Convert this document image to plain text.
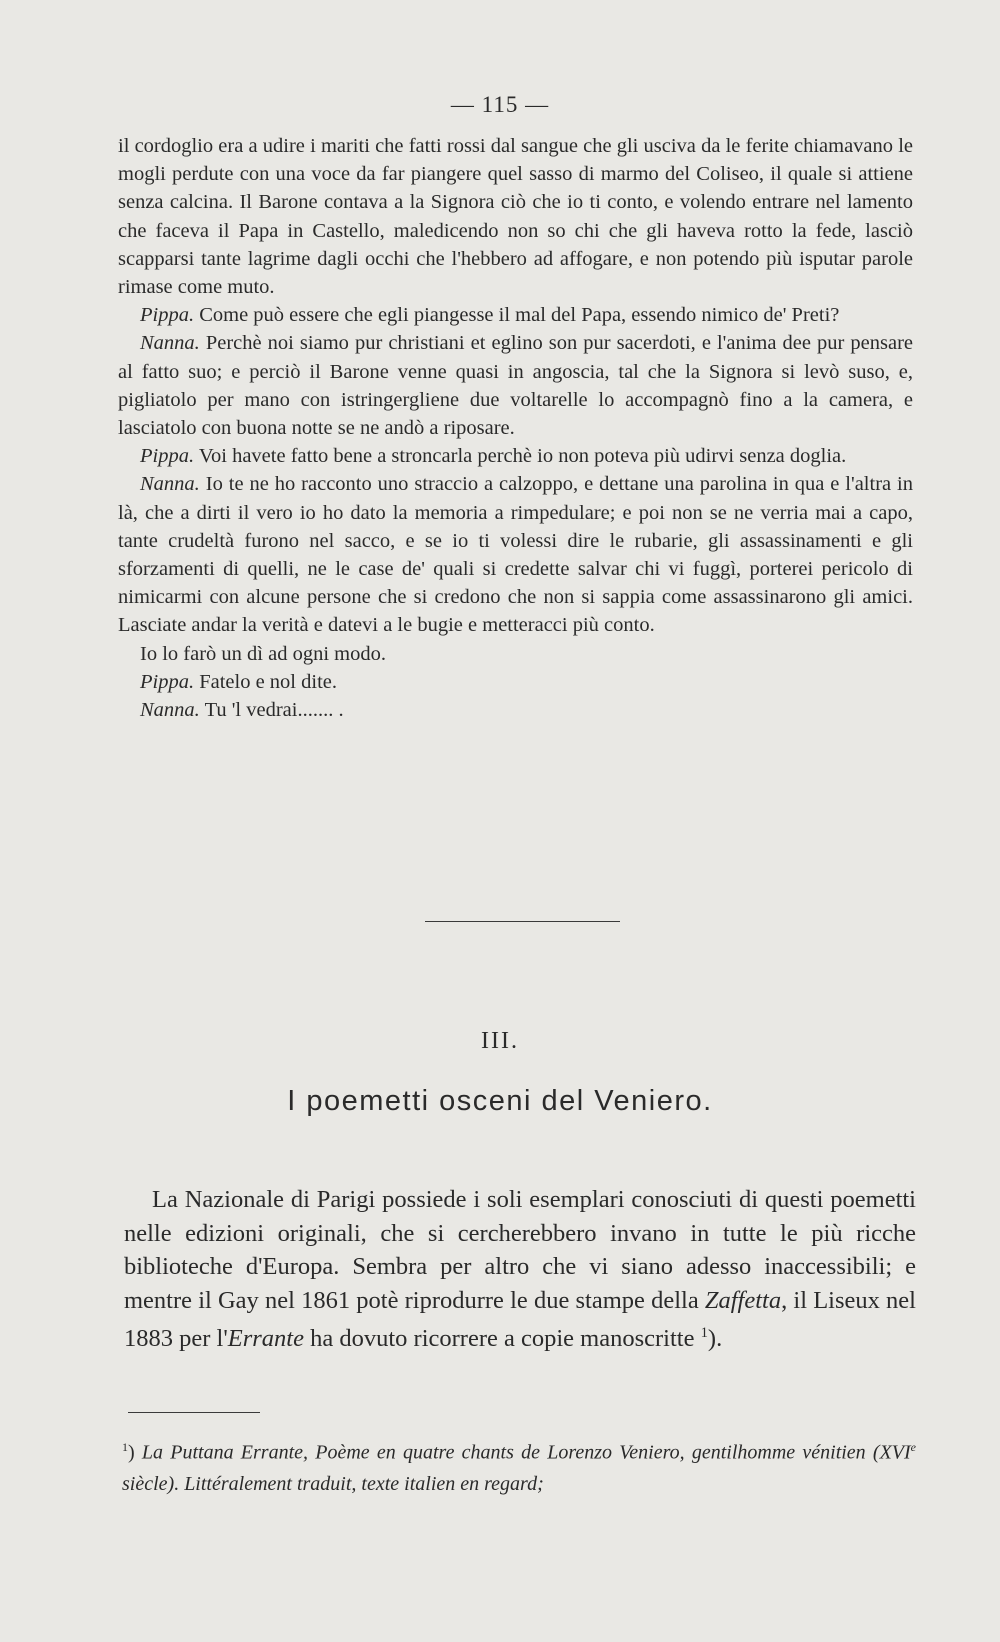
— 115 —

il cordoglio era a udire i mariti che fatti rossi dal sangue che gli usciva da le ferite chiamavano le mogli perdute con una voce da far piangere quel sasso di marmo del Coliseo, il quale si attiene senza calcina. Il Barone contava a la Signora ciò che io ti conto, e volendo entrare nel lamento che faceva il Papa in Castello, maledicendo non so chi che gli haveva rotto la fede, lasciò scapparsi tante lagrime dagli occhi che l'hebbero ad affogare, e non potendo più isputar parole rimase come muto.

Pippa. Come può essere che egli piangesse il mal del Papa, essendo nimico de' Preti?

Nanna. Perchè noi siamo pur christiani et eglino son pur sacerdoti, e l'anima dee pur pensare al fatto suo; e perciò il Barone venne quasi in angoscia, tal che la Signora si levò suso, e, pigliatolo per mano con istringergliene due voltarelle lo accompagnò fino a la camera, e lasciatolo con buona notte se ne andò a riposare.

Pippa. Voi havete fatto bene a stroncarla perchè io non poteva più udirvi senza doglia.

Nanna. Io te ne ho racconto uno straccio a calzoppo, e dettane una parolina in qua e l'altra in là, che a dirti il vero io ho dato la memoria a rimpedulare; e poi non se ne verria mai a capo, tante crudeltà furono nel sacco, e se io ti volessi dire le rubarie, gli assassinamenti e gli sforzamenti di quelli, ne le case de' quali si credette salvar chi vi fuggì, porterei pericolo di nimicarmi con alcune persone che si credono che non si sappia come assassinarono gli amici. Lasciate andar la verità e datevi a le bugie e metteracci più conto.

Io lo farò un dì ad ogni modo.

Pippa. Fatelo e nol dite.

Nanna. Tu 'l vedrai....... .

III.
I poemetti osceni del Veniero.

La Nazionale di Parigi possiede i soli esemplari conosciuti di questi poemetti nelle edizioni originali, che si cercherebbero invano in tutte le più ricche biblioteche d'Europa. Sembra per altro che vi siano adesso inaccessibili; e mentre il Gay nel 1861 potè riprodurre le due stampe della Zaffetta, il Liseux nel 1883 per l'Errante ha dovuto ricorrere a copie manoscritte $^1$).

$^1$) La Puttana Errante, Poème en quatre chants de Lorenzo Veniero, gentilhomme vénitien (XVIe siècle). Littéralement traduit, texte italien en regard;
